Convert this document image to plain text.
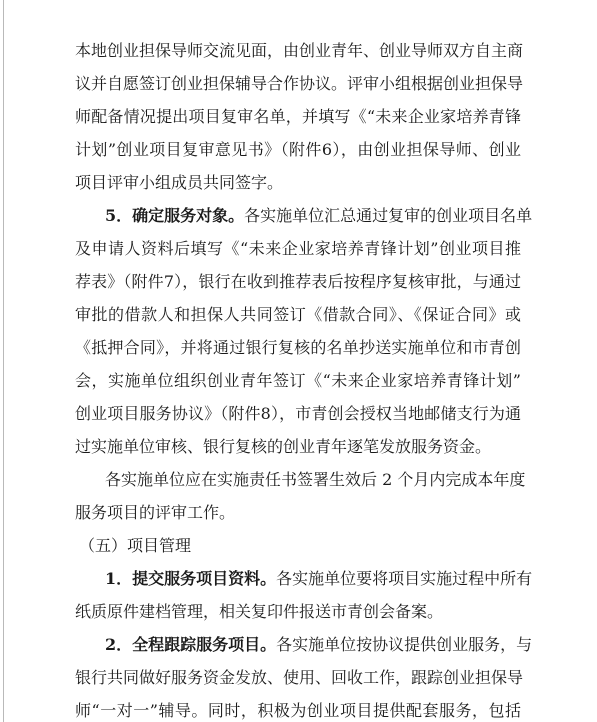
本地创业担保导师交流见面，由创业青年、创业导师双方自主商
议并自愿签订创业担保辅导合作协议。评审小组根据创业担保导
师配备情况提出项目复审名单，并填写《“未来企业家培养青锋
计划”创业项目复审意见书》（附件6），由创业担保导师、创业
项目评审小组成员共同签字。
5．确定服务对象。各实施单位汇总通过复审的创业项目名单
及申请人资料后填写《“未来企业家培养青锋计划”创业项目推
荐表》（附件7），银行在收到推荐表后按程序复核审批，与通过
审批的借款人和担保人共同签订《借款合同》、《保证合同》或
《抵押合同》，并将通过银行复核的名单抄送实施单位和市青创
会，实施单位组织创业青年签订《“未来企业家培养青锋计划”
创业项目服务协议》（附件8），市青创会授权当地邮储支行为通
过实施单位审核、银行复核的创业青年逐笔发放服务资金。
各实施单位应在实施责任书签署生效后 2 个月内完成本年度
服务项目的评审工作。
（五）项目管理
1．提交服务项目资料。各实施单位要将项目实施过程中所有
纸质原件建档管理，相关复印件报送市青创会备案。
2．全程跟踪服务项目。各实施单位按协议提供创业服务，与
银行共同做好服务资金发放、使用、回收工作，跟踪创业担保导
师“一对一”辅导。同时，积极为创业项目提供配套服务，包括
